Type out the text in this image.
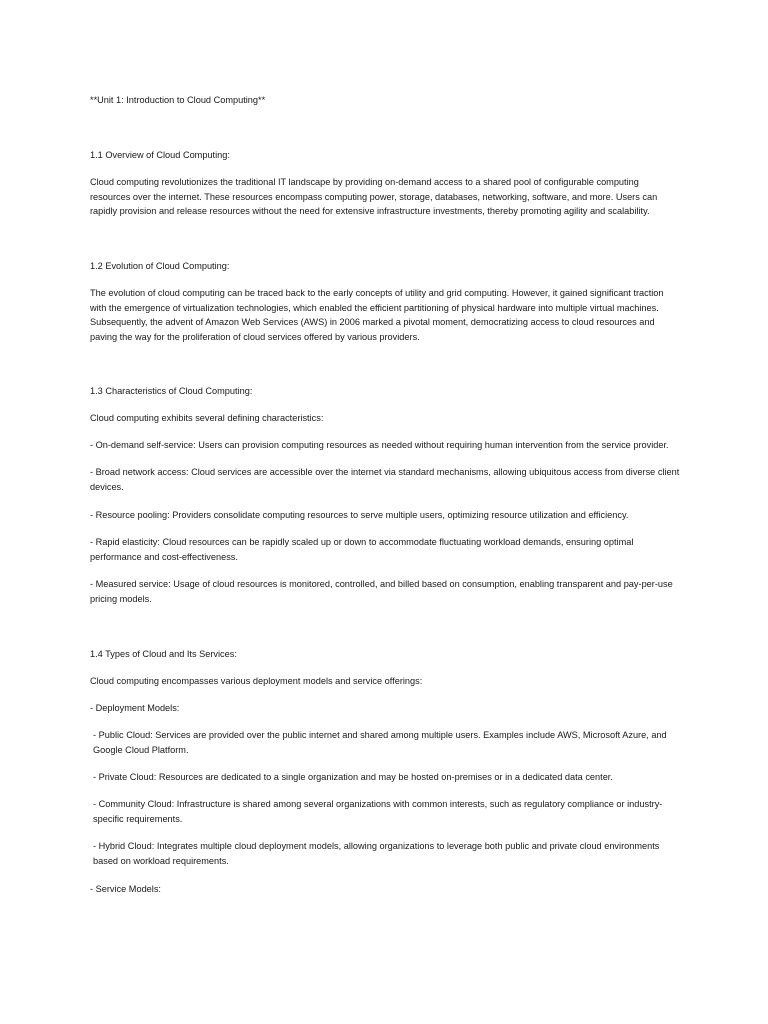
**Unit 1: Introduction to Cloud Computing**

1.1 Overview of Cloud Computing:

Cloud computing revolutionizes the traditional IT landscape by providing on-demand access to a shared pool of configurable computing resources over the internet. These resources encompass computing power, storage, databases, networking, software, and more. Users can rapidly provision and release resources without the need for extensive infrastructure investments, thereby promoting agility and scalability.

1.2 Evolution of Cloud Computing:

The evolution of cloud computing can be traced back to the early concepts of utility and grid computing. However, it gained significant traction with the emergence of virtualization technologies, which enabled the efficient partitioning of physical hardware into multiple virtual machines. Subsequently, the advent of Amazon Web Services (AWS) in 2006 marked a pivotal moment, democratizing access to cloud resources and paving the way for the proliferation of cloud services offered by various providers.

1.3 Characteristics of Cloud Computing:

Cloud computing exhibits several defining characteristics:

- On-demand self-service: Users can provision computing resources as needed without requiring human intervention from the service provider.

- Broad network access: Cloud services are accessible over the internet via standard mechanisms, allowing ubiquitous access from diverse client devices.

- Resource pooling: Providers consolidate computing resources to serve multiple users, optimizing resource utilization and efficiency.

- Rapid elasticity: Cloud resources can be rapidly scaled up or down to accommodate fluctuating workload demands, ensuring optimal performance and cost-effectiveness.

- Measured service: Usage of cloud resources is monitored, controlled, and billed based on consumption, enabling transparent and pay-per-use pricing models.

1.4 Types of Cloud and Its Services:

Cloud computing encompasses various deployment models and service offerings:

- Deployment Models:

- Public Cloud: Services are provided over the public internet and shared among multiple users. Examples include AWS, Microsoft Azure, and Google Cloud Platform.

- Private Cloud: Resources are dedicated to a single organization and may be hosted on-premises or in a dedicated data center.

- Community Cloud: Infrastructure is shared among several organizations with common interests, such as regulatory compliance or industry-specific requirements.

- Hybrid Cloud: Integrates multiple cloud deployment models, allowing organizations to leverage both public and private cloud environments based on workload requirements.

- Service Models:
